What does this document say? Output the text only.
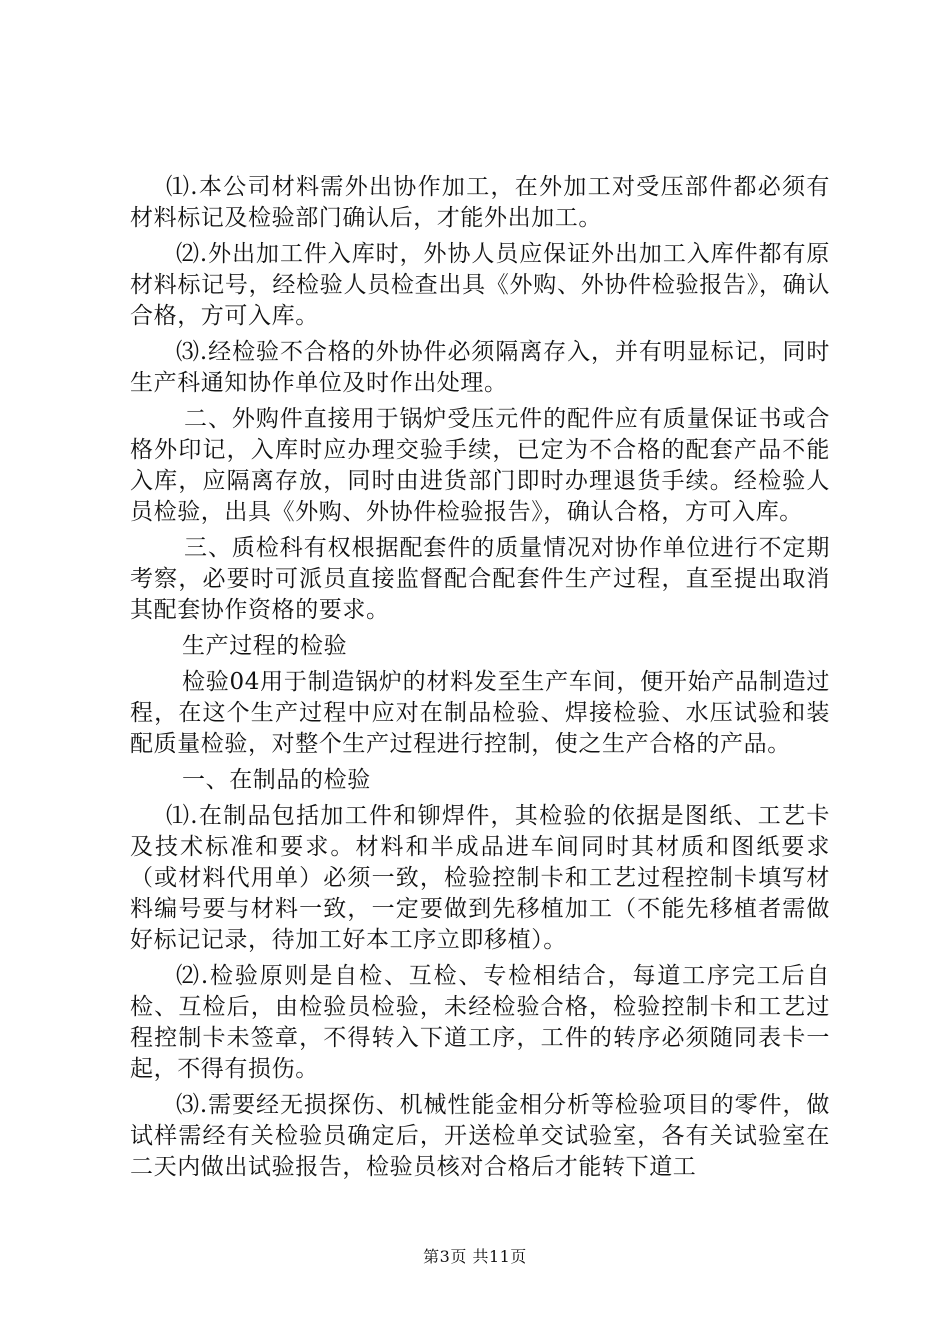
⑴.本公司材料需外出协作加工，在外加工对受压部件都必须有材料标记及检验部门确认后，才能外出加工。

⑵.外出加工件入库时，外协人员应保证外出加工入库件都有原材料标记号，经检验人员检查出具《外购、外协件检验报告》，确认合格，方可入库。

⑶.经检验不合格的外协件必须隔离存入，并有明显标记，同时生产科通知协作单位及时作出处理。

二、外购件直接用于锅炉受压元件的配件应有质量保证书或合格外印记，入库时应办理交验手续，已定为不合格的配套产品不能入库，应隔离存放，同时由进货部门即时办理退货手续。经检验人员检验，出具《外购、外协件检验报告》，确认合格，方可入库。

三、质检科有权根据配套件的质量情况对协作单位进行不定期考察，必要时可派员直接监督配合配套件生产过程，直至提出取消其配套协作资格的要求。

生产过程的检验

检验04用于制造锅炉的材料发至生产车间，便开始产品制造过程，在这个生产过程中应对在制品检验、焊接检验、水压试验和装配质量检验，对整个生产过程进行控制，使之生产合格的产品。

一、在制品的检验

⑴.在制品包括加工件和铆焊件，其检验的依据是图纸、工艺卡及技术标准和要求。材料和半成品进车间同时其材质和图纸要求（或材料代用单）必须一致，检验控制卡和工艺过程控制卡填写材料编号要与材料一致，一定要做到先移植加工（不能先移植者需做好标记记录，待加工好本工序立即移植）。

⑵.检验原则是自检、互检、专检相结合，每道工序完工后自检、互检后，由检验员检验，未经检验合格，检验控制卡和工艺过程控制卡未签章，不得转入下道工序，工件的转序必须随同表卡一起，不得有损伤。

⑶.需要经无损探伤、机械性能金相分析等检验项目的零件，做试样需经有关检验员确定后，开送检单交试验室，各有关试验室在二天内做出试验报告，检验员核对合格后才能转下道工

第3页 共11页
